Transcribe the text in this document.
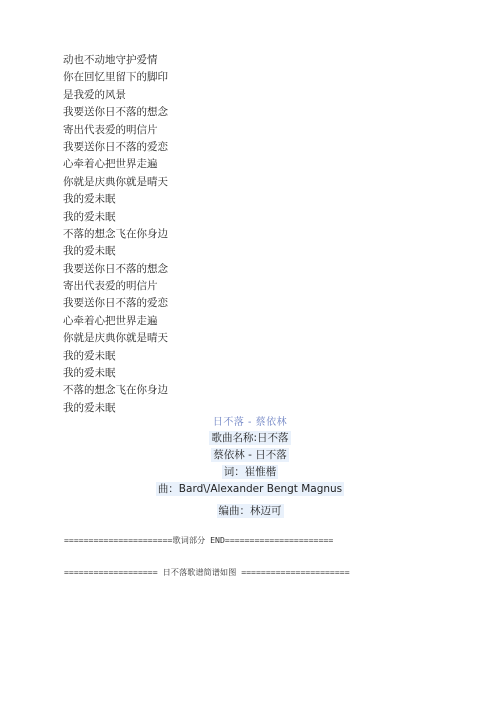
动也不动地守护爱情
你在回忆里留下的脚印
是我爱的风景
我要送你日不落的想念
寄出代表爱的明信片
我要送你日不落的爱恋
心牵着心把世界走遍
你就是庆典你就是晴天
我的爱未眠
我的爱未眠
不落的想念飞在你身边
我的爱未眠
我要送你日不落的想念
寄出代表爱的明信片
我要送你日不落的爱恋
心牵着心把世界走遍
你就是庆典你就是晴天
我的爱未眠
我的爱未眠
不落的想念飞在你身边
我的爱未眠
日不落 - 蔡依林
歌曲名称:日不落
蔡依林 - 日不落
词：崔惟楷
曲：Bard\/Alexander Bengt Magnus
编曲：林迈可
======================歌词部分 END======================
=================== 日不落歌谱简谱如图 ======================
